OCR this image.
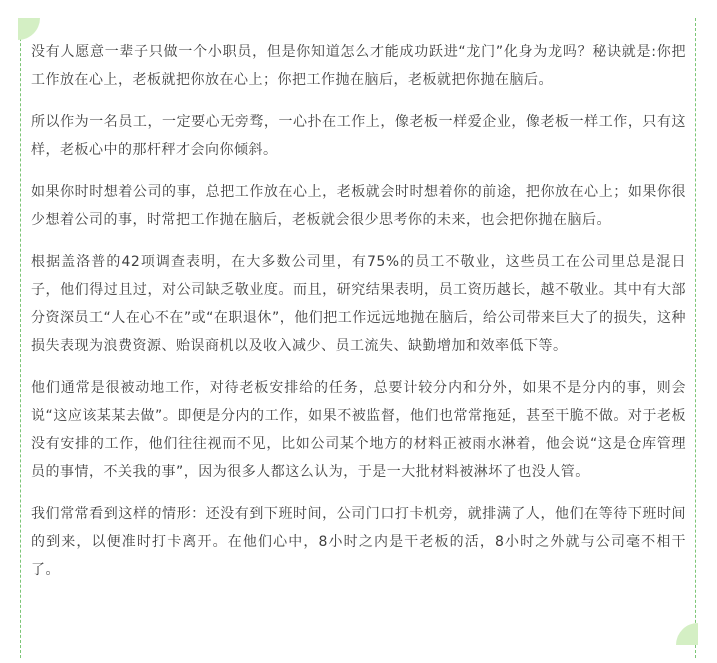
没有人愿意一辈子只做一个小职员，但是你知道怎么才能成功跃进“龙门”化身为龙吗？秘诀就是:你把工作放在心上，老板就把你放在心上；你把工作抛在脑后，老板就把你抛在脑后。

所以作为一名员工，一定要心无旁骛，一心扑在工作上，像老板一样爱企业，像老板一样工作，只有这样，老板心中的那杆秤才会向你倾斜。

如果你时时想着公司的事，总把工作放在心上，老板就会时时想着你的前途，把你放在心上；如果你很少想着公司的事，时常把工作抛在脑后，老板就会很少思考你的未来，也会把你抛在脑后。

根据盖洛普的42项调查表明，在大多数公司里，有75%的员工不敬业，这些员工在公司里总是混日子，他们得过且过，对公司缺乏敬业度。而且，研究结果表明，员工资历越长，越不敬业。其中有大部分资深员工“人在心不在”或“在职退休”，他们把工作远远地抛在脑后，给公司带来巨大了的损失，这种损失表现为浪费资源、贻误商机以及收入减少、员工流失、缺勤增加和效率低下等。

他们通常是很被动地工作，对待老板安排给的任务，总要计较分内和分外，如果不是分内的事，则会说“这应该某某去做”。即便是分内的工作，如果不被监督，他们也常常拖延，甚至干脆不做。对于老板没有安排的工作，他们往往视而不见，比如公司某个地方的材料正被雨水淋着，他会说“这是仓库管理员的事情，不关我的事”，因为很多人都这么认为，于是一大批材料被淋坏了也没人管。

我们常常看到这样的情形：还没有到下班时间，公司门口打卡机旁，就排满了人，他们在等待下班时间的到来，以便准时打卡离开。在他们心中，8小时之内是干老板的活，8小时之外就与公司毫不相干了。
